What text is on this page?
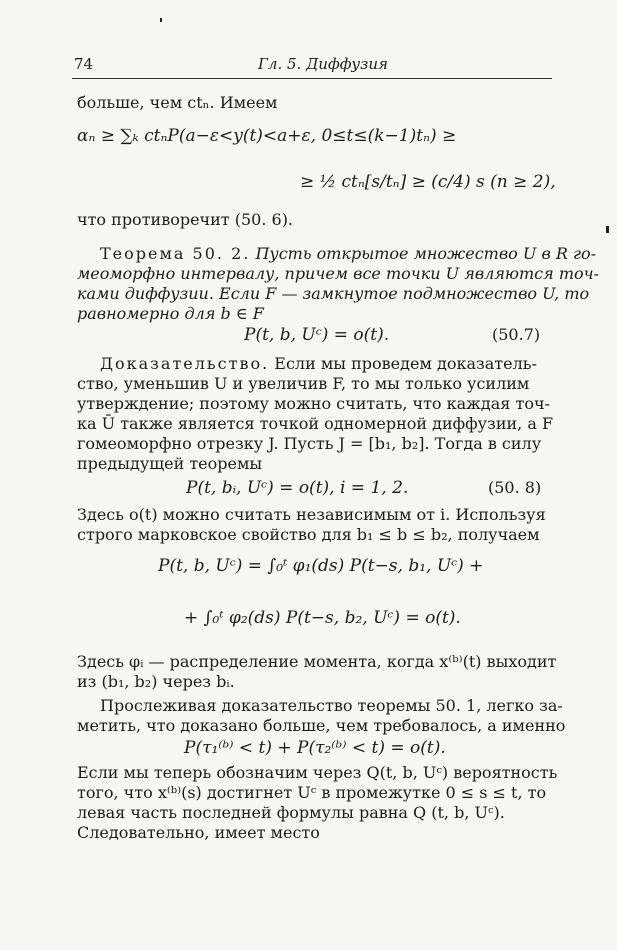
74	Гл. 5. Диффузия
больше, чем ctₙ. Имеем
αₙ ≥ ∑ₖ ctₙP(a−ε<y(t)<a+ε, 0≤t≤(k−1)tₙ) ≥
≥ ½ ctₙ[s/tₙ] ≥ (c/4) s (n ≥ 2),
что противоречит (50. 6).
Теорема 50. 2. Пусть открытое множество U в R го-
меоморфно интервалу, причем все точки U являются точ-
ками диффузии. Если F — замкнутое подмножество U, то
равномерно для b ∈ F
P(t, b, Uᶜ) = o(t).	(50.7)
Доказательство. Если мы проведем доказатель-
ство, уменьшив U и увеличив F, то мы только усилим
утверждение; поэтому можно считать, что каждая точ-
ка Ū также является точкой одномерной диффузии, а F
гомеоморфно отрезку J. Пусть J = [b₁, b₂]. Тогда в силу
предыдущей теоремы
P(t, bᵢ, Uᶜ) = o(t), i = 1, 2.	(50. 8)
Здесь o(t) можно считать независимым от i. Используя
строго марковское свойство для b₁ ≤ b ≤ b₂, получаем
P(t, b, Uᶜ) = ∫₀ᵗ φ₁(ds) P(t−s, b₁, Uᶜ) +
+ ∫₀ᵗ φ₂(ds) P(t−s, b₂, Uᶜ) = o(t).
Здесь φᵢ — распределение момента, когда x⁽ᵇ⁾(t) выходит
из (b₁, b₂) через bᵢ.
Прослеживая доказательство теоремы 50. 1, легко за-
метить, что доказано больше, чем требовалось, а именно
P(τ₁⁽ᵇ⁾ < t) + P(τ₂⁽ᵇ⁾ < t) = o(t).
Если мы теперь обозначим через Q(t, b, Uᶜ) вероятность
того, что x⁽ᵇ⁾(s) достигнет Uᶜ в промежутке 0 ≤ s ≤ t, то
левая часть последней формулы равна Q (t, b, Uᶜ).
Следовательно, имеет место
